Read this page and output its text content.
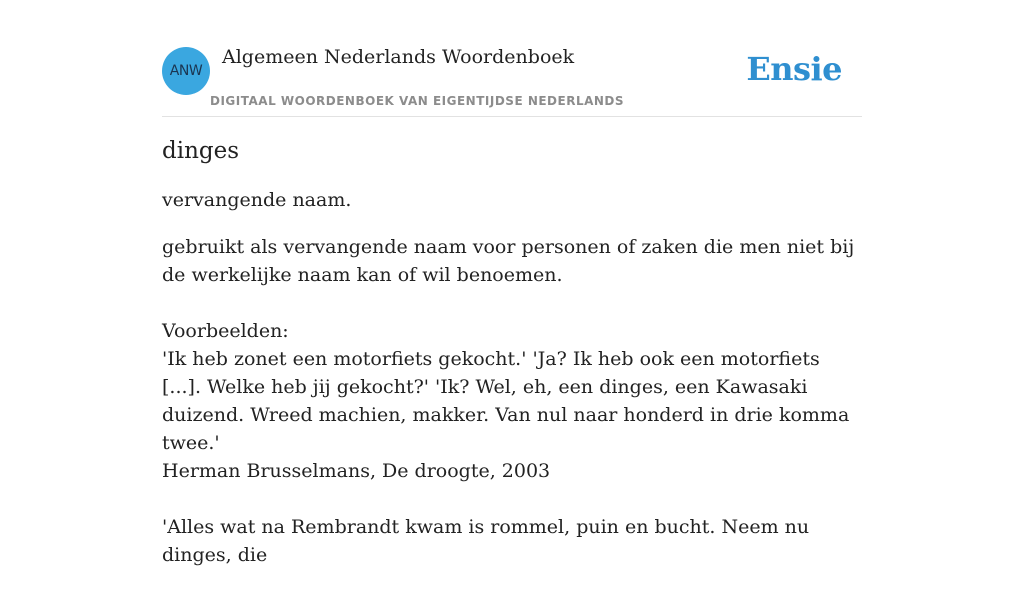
ANW
Algemeen Nederlands Woordenboek
DIGITAAL WOORDENBOEK VAN EIGENTIJDSE NEDERLANDS
Ensie
dinges

vervangende naam.

gebruikt als vervangende naam voor personen of zaken die men niet bij de werkelijke naam kan of wil benoemen.

Voorbeelden:

'Ik heb zonet een motorfiets gekocht.' 'Ja? Ik heb ook een motorfiets [...]. Welke heb jij gekocht?' 'Ik? Wel, eh, een dinges, een Kawasaki duizend. Wreed machien, makker. Van nul naar honderd in drie komma twee.'

Herman Brusselmans, De droogte, 2003

'Alles wat na Rembrandt kwam is rommel, puin en bucht. Neem nu dinges, die
